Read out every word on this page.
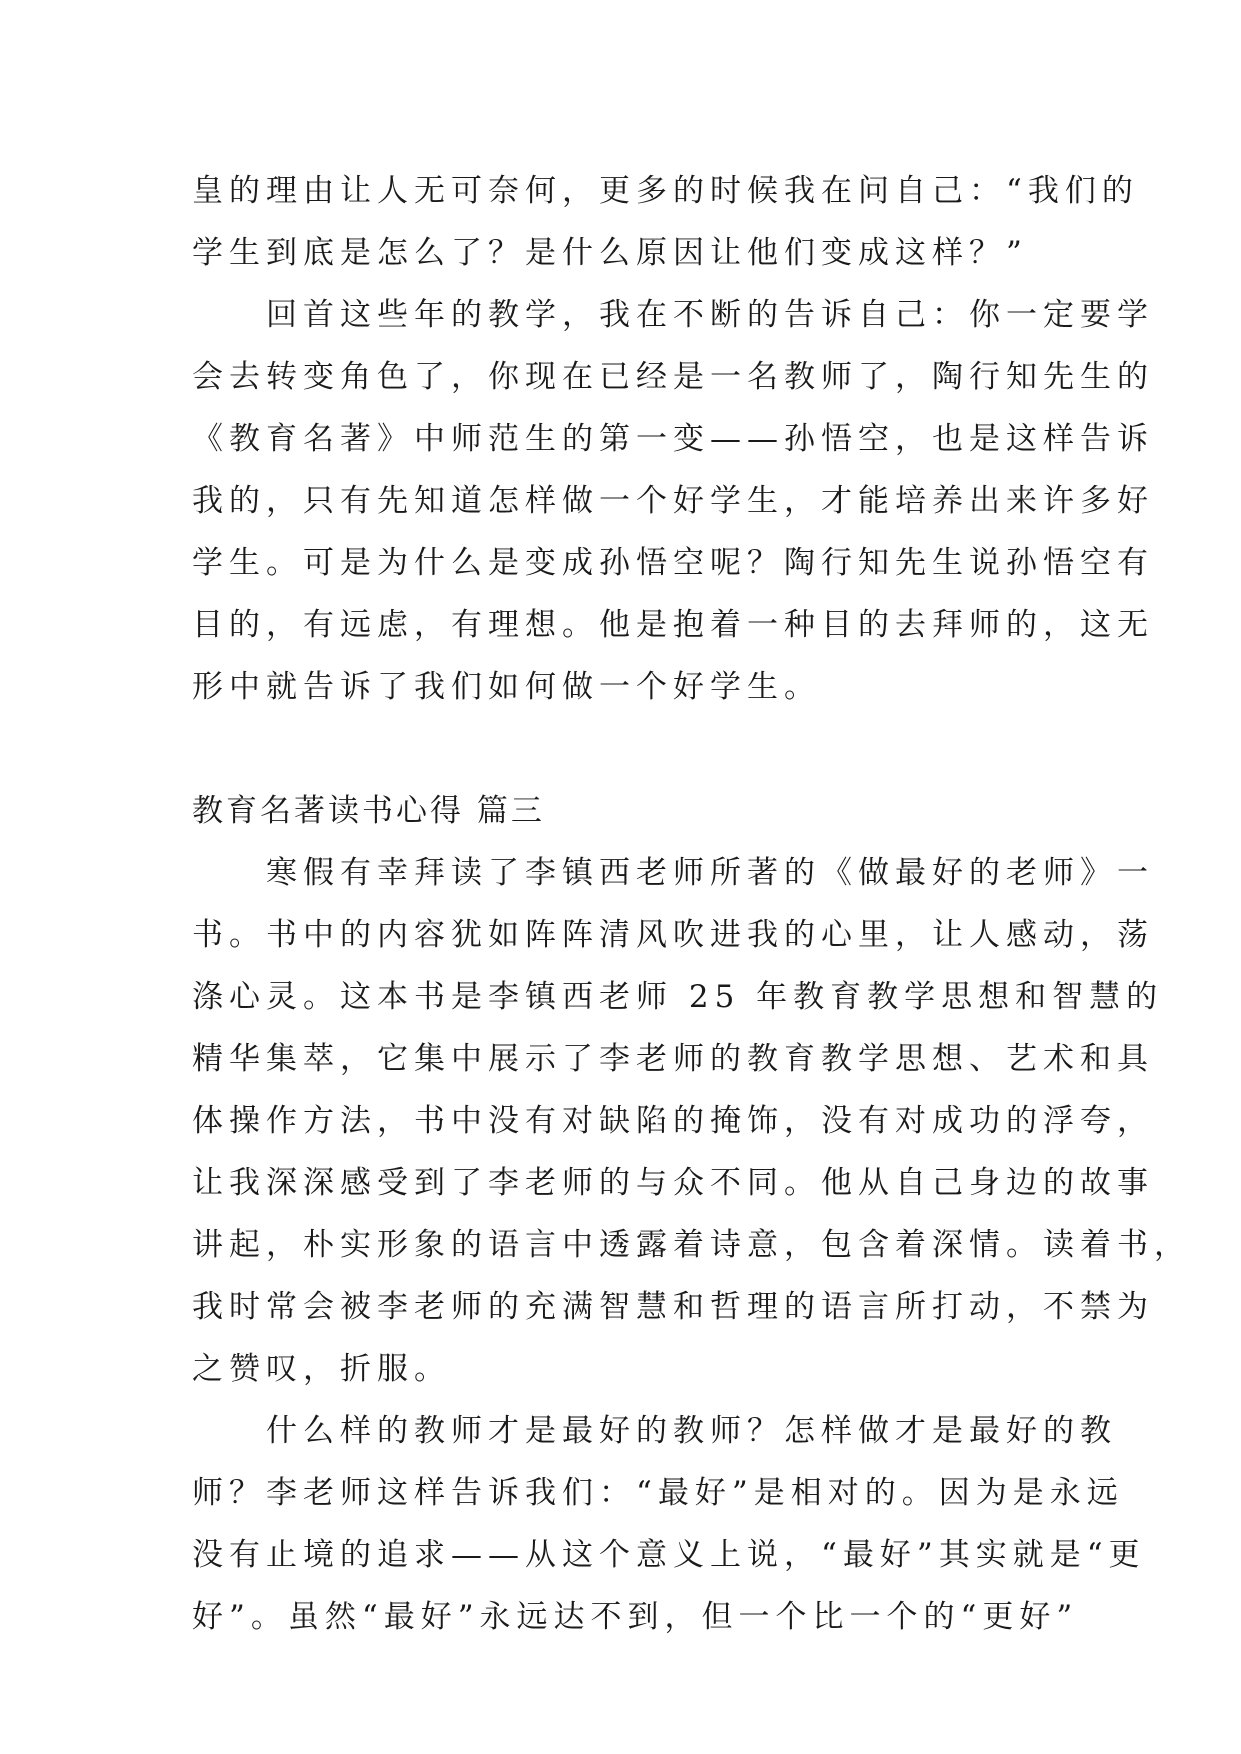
皇的理由让人无可奈何，更多的时候我在问自己：“我们的
学生到底是怎么了？是什么原因让他们变成这样？”
　　回首这些年的教学，我在不断的告诉自己：你一定要学
会去转变角色了，你现在已经是一名教师了，陶行知先生的
《教育名著》中师范生的第一变——孙悟空，也是这样告诉
我的，只有先知道怎样做一个好学生，才能培养出来许多好
学生。可是为什么是变成孙悟空呢？陶行知先生说孙悟空有
目的，有远虑，有理想。他是抱着一种目的去拜师的，这无
形中就告诉了我们如何做一个好学生。
教育名著读书心得 篇三
　　寒假有幸拜读了李镇西老师所著的《做最好的老师》一
书。书中的内容犹如阵阵清风吹进我的心里，让人感动，荡
涤心灵。这本书是李镇西老师 25 年教育教学思想和智慧的
精华集萃，它集中展示了李老师的教育教学思想、艺术和具
体操作方法，书中没有对缺陷的掩饰，没有对成功的浮夸，
让我深深感受到了李老师的与众不同。他从自己身边的故事
讲起，朴实形象的语言中透露着诗意，包含着深情。读着书，
我时常会被李老师的充满智慧和哲理的语言所打动，不禁为
之赞叹，折服。
　　什么样的教师才是最好的教师？怎样做才是最好的教
师？李老师这样告诉我们：“最好”是相对的。因为是永远
没有止境的追求——从这个意义上说，“最好”其实就是“更
好”。虽然“最好”永远达不到，但一个比一个的“更好”
